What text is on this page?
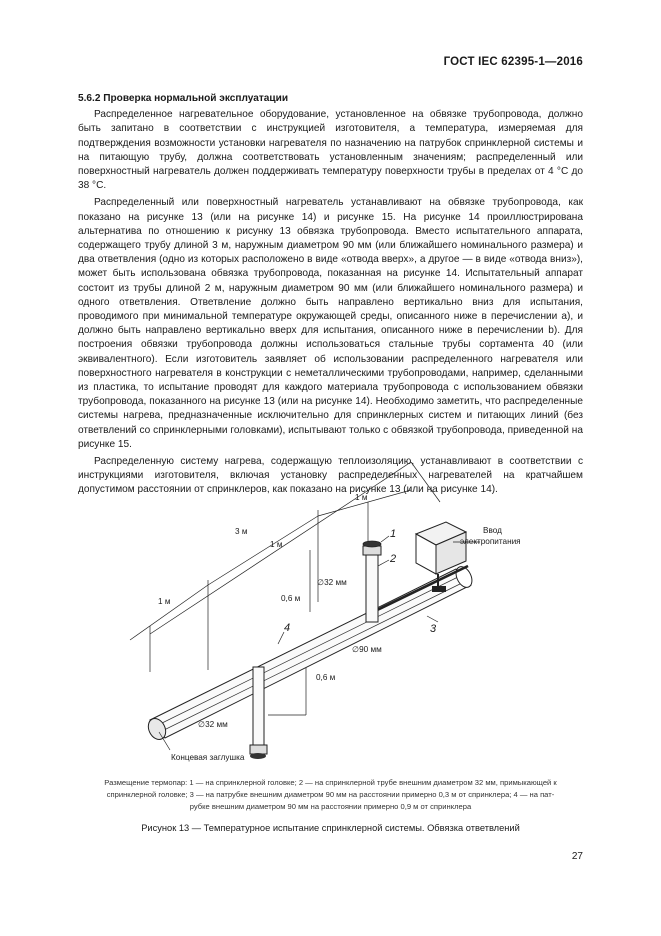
ГОСТ IEC 62395-1—2016
5.6.2 Проверка нормальной эксплуатации

Распределенное нагревательное оборудование, установленное на обвязке трубопровода, должно быть запитано в соответствии с инструкцией изготовителя, а температура, измеряемая для подтверждения возможности установки нагревателя по назначению на патрубок спринклерной системы и на питающую трубу, должна соответствовать установленным значениям; распределенный или поверхностный нагреватель должен поддерживать температуру поверхности трубы в пределах от 4 °С до 38 °С.

Распределенный или поверхностный нагреватель устанавливают на обвязке трубопровода, как показано на рисунке 13 (или на рисунке 14) и рисунке 15. На рисунке 14 проиллюстрирована альтернатива по отношению к рисунку 13 обвязка трубопровода. Вместо испытательного аппарата, содержащего трубу длиной 3 м, наружным диаметром 90 мм (или ближайшего номинального размера) и два ответвления (одно из которых расположено в виде «отвода вверх», а другое — в виде «отвода вниз»), может быть использована обвязка трубопровода, показанная на рисунке 14. Испытательный аппарат состоит из трубы длиной 2 м, наружным диаметром 90 мм (или ближайшего номинального размера) и одного ответвления. Ответвление должно быть направлено вертикально вниз для испытания, проводимого при минимальной температуре окружающей среды, описанного ниже в перечислении а), и должно быть направлено вертикально вверх для испытания, описанного ниже в перечислении b). Для построения обвязки трубопровода должны использоваться стальные трубы сортамента 40 (или эквивалентного). Если изготовитель заявляет об использовании распределенного нагревателя или поверхностного нагревателя в конструкции с неметаллическими трубопроводами, например, сделанными из пластика, то испытание проводят для каждого материала трубопровода с использованием обвязки трубопровода, показанного на рисунке 13 (или на рисунке 14). Необходимо заметить, что распределенные системы нагрева, предназначенные исключительно для спринклерных систем и питающих линий (без ответвлений со спринклерными головками), испытывают только с обвязкой трубопровода, приведенной на рисунке 15.

Распределенную систему нагрева, содержащую теплоизоляцию, устанавливают в соответствии с инструкциями изготовителя, включая установку распределенных нагревателей на кратчайшем допустимом расстоянии от спринклеров, как показано на рисунке 13 (или на рисунке 14).

1 м
3 м
1 м
1 м	0,6 м
∅32 мм
∅90 мм
0,6 м
∅32 мм
Ввод
электропитания
Концевая заглушка
1
2
3
4
Размещение термопар: 1 — на спринклерной головке; 2 — на спринклерной трубе внешним диаметром 32 мм, примыкающей к
спринклерной головке; 3 — на патрубке внешним диаметром 90 мм на расстоянии примерно 0,3 м от спринклера; 4 — на пат-
рубке внешним диаметром 90 мм на расстоянии примерно 0,9 м от спринклера
Рисунок 13 — Температурное испытание спринклерной системы. Обвязка ответвлений
27
